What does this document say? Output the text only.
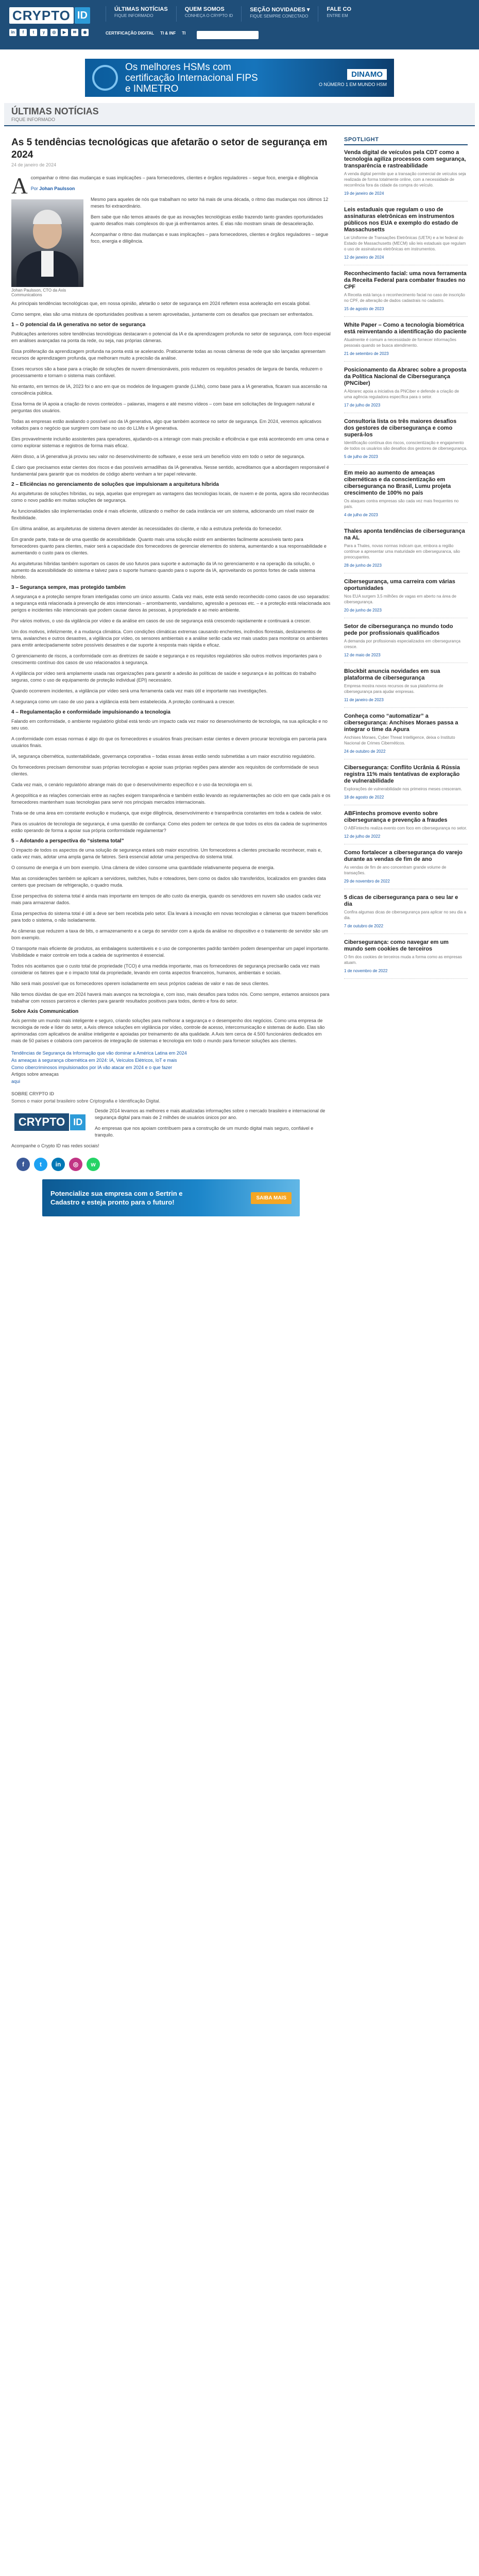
CRYPTO ID
in	f	t	y	◎	▶	✉	◉
ÚLTIMAS NOTÍCIAS
FIQUE INFORMADO
QUEM SOMOS
CONHEÇA O CRYPTO ID
SEÇÃO NOVIDADES ▾
FIQUE SEMPRE CONECTADO
FALE CO
ENTRE EM
CERTIFICAÇÃO DIGITAL TI & INF TI
Os melhores HSMs com certificação Internacional FIPS e INMETRO
DINAMO
O NÚMERO 1 EM MUNDO HSM
ÚLTIMAS NOTÍCIAS
FIQUE INFORMADO
As 5 tendências tecnológicas que afetarão o setor de segurança em 2024
24 de janeiro de 2024
A companhar o ritmo das mudanças e suas implicações – para fornecedores, clientes e órgãos reguladores – segue foco, energia e diligência

Por Johan Paulsson

Johan Paulsson, CTO da Axis Communications

Mesmo para aqueles de nós que trabalham no setor há mais de uma década, o ritmo das mudanças nos últimos 12 meses foi extraordinário.

Bem sabe que não temos através de que as inovações tecnológicas estão trazendo tanto grandes oportunidades quanto desafios mais complexos do que já enfrentamos antes. E elas não mostram sinais de desaceleração.

Acompanhar o ritmo das mudanças e suas implicações – para fornecedores, clientes e órgãos reguladores – segue foco, energia e diligência.

As principais tendências tecnológicas que, em nossa opinião, afetarão o setor de segurança em 2024 refletem essa aceleração em escala global.

Como sempre, elas são uma mistura de oportunidades positivas a serem aproveitadas, juntamente com os desafios que precisam ser enfrentados.

1 – O potencial da IA generativa no setor de segurança

Publicações anteriores sobre tendências tecnológicas destacaram o potencial da IA e da aprendizagem profunda no setor de segurança, com foco especial em análises avançadas na ponta da rede, ou seja, nas próprias câmeras.

Essa proliferação da aprendizagem profunda na ponta está se acelerando. Praticamente todas as novas câmeras de rede que são lançadas apresentam recursos de aprendizagem profunda, que melhoram muito a precisão da análise.

Esses recursos são a base para a criação de soluções de nuvem dimensionáveis, pois reduzem os requisitos pesados de largura de banda, reduzem o processamento e tornam o sistema mais confiável.

No entanto, em termos de IA, 2023 foi o ano em que os modelos de linguagem grande (LLMs), como base para a IA generativa, ficaram sua ascensão na consciência pública.

Essa forma de IA apoia a criação de novos conteúdos – palavras, imagens e até mesmo vídeos – com base em solicitações de linguagem natural e perguntas dos usuários.

Todas as empresas estão avaliando o possível uso da IA generativa, algo que também acontece no setor de segurança. Em 2024, veremos aplicativos voltados para o negócio que surgirem com base no uso do LLMs e IA generativa.

Eles provavelmente incluirão assistentes para operadores, ajudando-os a interagir com mais precisão e eficiência e que está acontecendo em uma cena e como explorar sistemas e registros de forma mais eficaz.

Além disso, a IA generativa já provou seu valor no desenvolvimento de software, e esse será um benefício visto em todo o setor de segurança.

É claro que precisamos estar cientes dos riscos e das possíveis armadilhas da IA generativa. Nesse sentido, acreditamos que a abordagem responsável é fundamental para garantir que os modelos de código aberto venham a ter papel relevante.

2 – Eficiências no gerenciamento de soluções que impulsionam a arquitetura híbrida

As arquiteturas de soluções híbridas, ou seja, aquelas que empregam as vantagens das tecnologias locais, de nuvem e de ponta, agora são reconhecidas como o novo padrão em muitas soluções de segurança.

As funcionalidades são implementadas onde é mais eficiente, utilizando o melhor de cada instância ver um sistema, adicionando um nível maior de flexibilidade.

Em última análise, as arquiteturas de sistema devem atender às necessidades do cliente, e não a estrutura preferida do fornecedor.

Em grande parte, trata-se de uma questão de acessibilidade. Quanto mais uma solução existir em ambientes facilmente acessíveis tanto para fornecedores quanto para clientes, maior será a capacidade dos fornecedores de gerenciar elementos do sistema, aumentando a sua responsabilidade e aumentando o custo para os clientes.

As arquiteturas híbridas também suportam os casos de uso futuros para suporte e automação da IA no gerenciamento e na operação da solução, o aumento da acessibilidade do sistema e talvez para o suporte humano quando para o suporte da IA, aproveitando os pontos fortes de cada sistema híbrido.

3 – Segurança sempre, mas protegido também

A segurança e a proteção sempre foram interligadas como um único assunto. Cada vez mais, este está sendo reconhecido como casos de uso separados: a segurança está relacionada à prevenção de atos intencionais – arrombamento, vandalismo, agressão a pessoas etc. – e a proteção está relacionada aos perigos e incidentes não intencionais que podem causar danos às pessoas, à propriedade e ao meio ambiente.

Por vários motivos, o uso da vigilância por vídeo e da análise em casos de uso de segurança está crescendo rapidamente e continuará a crescer.

Um dos motivos, infelizmente, é a mudança climática. Com condições climáticas extremas causando enchentes, incêndios florestais, deslizamentos de terra, avalanches e outros desastres, a vigilância por vídeo, os sensores ambientais e a análise serão cada vez mais usados para monitorar os ambientes para emitir antecipadamente sobre possíveis desastres e dar suporte à resposta mais rápida e eficaz.

O gerenciamento de riscos, a conformidade com as diretrizes de saúde e segurança e os requisitos regulatórios são outros motivos importantes para o crescimento contínuo dos casos de uso relacionados à segurança.

A vigilância por vídeo será amplamente usada nas organizações para garantir a adesão às políticas de saúde e segurança e às políticas do trabalho seguras, como o uso de equipamento de proteção individual (EPI) necessário.

Quando ocorrerem incidentes, a vigilância por vídeo será uma ferramenta cada vez mais útil e importante nas investigações.

A segurança como um caso de uso para a vigilância está bem estabelecida. A proteção continuará a crescer.

4 – Regulamentação e conformidade impulsionando a tecnologia

Falando em conformidade, o ambiente regulatório global está tendo um impacto cada vez maior no desenvolvimento de tecnologia, na sua aplicação e no seu uso.

A conformidade com essas normas é algo do que os fornecedores e usuários finais precisam estar cientes e devem procurar tecnologia em parceria para usuários finais.

IA, segurança cibernética, sustentabilidade, governança corporativa – todas essas áreas estão sendo submetidas a um maior escrutínio regulatório.

Os fornecedores precisam demonstrar suas próprias tecnologias e apoiar suas próprias regiões para atender aos requisitos de conformidade de seus clientes.

Cada vez mais, o cenário regulatório abrange mais do que o desenvolvimento específico e o uso da tecnologia em si.

A geopolítica e as relações comerciais entre as nações exigem transparência e também estão levando as regulamentações ao ciclo em que cada país e os fornecedores mantenham suas tecnologias para servir nos principais mercados internacionais.

Trata-se de uma área em constante evolução e mudança, que exige diligência, desenvolvimento e transparência constantes em toda a cadeia de valor.

Para os usuários de tecnologia de segurança, é uma questão de confiança: Como eles podem ter certeza de que todos os elos da cadeia de suprimentos estão operando de forma a apoiar sua própria conformidade regulamentar?

5 – Adotando a perspectiva do “sistema total”

O impacto de todos os aspectos de uma solução de segurança estará sob maior escrutínio. Um fornecedores a clientes precisarão reconhecer, mais e, cada vez mais, adotar uma ampla gama de fatores. Será essencial adotar uma perspectiva do sistema total.

O consumo de energia é um bom exemplo. Uma câmera de vídeo consome uma quantidade relativamente pequena de energia.

Mas as considerações também se aplicam a servidores, switches, hubs e roteadores, bem como os dados são transferidos, localizados em grandes data centers que precisam de refrigeração, o quadro muda.

Esse perspectiva do sistema total é ainda mais importante em tempos de alto custo da energia, quando os servidores em nuvem são usados cada vez mais para armazenar dados.

Essa perspectiva do sistema total é útil a deve ser bem recebida pelo setor. Ela levará à inovação em novas tecnologias e câmeras que trazem benefícios para todo o sistema, o não isoladamente.

As câmeras que reduzem a taxa de bits, o armazenamento e a carga do servidor com a ajuda da análise no dispositivo e o tratamento de servidor são um bom exemplo.

O transporte mais eficiente de produtos, as embalagens sustentáveis e o uso de componentes padrão também podem desempenhar um papel importante. Visibilidade e maior controle em toda a cadeia de suprimentos é essencial.

Todos nós aceitamos que o custo total de propriedade (TCO) é uma medida importante, mas os fornecedores de segurança precisarão cada vez mais considerar os fatores que e o impacto total da propriedade, levando em conta aspectos financeiros, humanos, ambientais e sociais.

Não será mais possível que os fornecedores operem isoladamente em seus próprios cadeias de valor e nas de seus clientes.

Não temos dúvidas de que em 2024 haverá mais avanços na tecnologia e, com isso, mais desafios para todos nós. Como sempre, estamos ansiosos para trabalhar com nossos parceiros e clientes para garantir resultados positivos para todos, dentro e fora do setor.

Sobre Axis Communication

Axis permite um mundo mais inteligente e seguro, criando soluções para melhorar a segurança e o desempenho dos negócios. Como uma empresa de tecnologia de rede e líder do setor, a Axis oferece soluções em vigilância por vídeo, controle de acesso, intercomunicação e sistemas de áudio. Elas são aprimoradas com aplicativos de análise inteligente e apoiadas por treinamento de alta qualidade. A Axis tem cerca de 4.500 funcionários dedicados em mais de 50 países e colabora com parceiros de integração de sistemas e tecnologia em todo o mundo para fornecer soluções aos clientes.

Tendências de Segurança da Informação que vão dominar a América Latina em 2024
As ameaças à segurança cibernética em 2024: IA, Veículos Elétricos, IoT e mais
Como cibercriminosos impulsionados por IA vão atacar em 2024 e o que fazer

Artigos sobre ameaças
aqui

SOBRE CRYPTO ID
Somos o maior portal brasileiro sobre Criptografia e Identificação Digital.
CRYPTO ID

Desde 2014 levamos as melhores e mais atualizadas informações sobre o mercado brasileiro e internacional de segurança digital para mais de 2 milhões de usuários únicos por ano.

Ao empresas que nos apoiam contribuem para a construção de um mundo digital mais seguro, confiável e tranquilo.

Acompanhe o Crypto ID nas redes sociais!

f	t	in	◎	w
Potencialize sua empresa com o Sertrin e Cadastro e esteja pronto para o futuro!
SAIBA MAIS
SPOTLIGHT
Venda digital de veículos pela CDT como a tecnologia agiliza processos com segurança, transparência e rastreabilidade
A venda digital permite que a transação comercial de veículos seja realizada de forma totalmente online, com a necessidade de recorrência fora da cidade da compra do veículo.
19 de janeiro de 2024
Leis estaduais que regulam o uso de assinaturas eletrônicas em instrumentos públicos nos EUA e exemplo do estado de Massachusetts
Lei Uniforme de Transações Eletrônicas (UETA) e a lei federal do Estado de Massachusetts (MECM) são leis estaduais que regulam o uso de assinaturas eletrônicas em instrumentos.
12 de janeiro de 2024
Reconhecimento facial: uma nova ferramenta da Receita Federal para combater fraudes no CPF
A Receita está lança o reconhecimento facial no caso de inscrição no CPF, de alteração de dados cadastrais no cadastro.
15 de agosto de 2023
White Paper – Como a tecnologia biométrica está reinventando a identificação do paciente
Atualmente é comum a necessidade de fornecer informações pessoais quando se busca atendimento.
21 de setembro de 2023
Posicionamento da Abrarec sobre a proposta da Política Nacional de Cibersegurança (PNCiber)
A Abrarec apoia a iniciativa da PNCiber e defende a criação de uma agência reguladora específica para o setor.
17 de julho de 2023
Consultoria lista os três maiores desafios dos gestores de cibersegurança e como superá-los
Identificação contínua dos riscos, conscientização e engajamento de todos os usuários são desafios dos gestores de cibersegurança.
5 de julho de 2023
Em meio ao aumento de ameaças cibernéticas e da conscientização em cibersegurança no Brasil, Lumu projeta crescimento de 100% no país
Os ataques contra empresas são cada vez mais frequentes no país.
4 de julho de 2023
Thales aponta tendências de cibersegurança na AL
Para a Thales, novas normas indicam que, embora a região continue a apresentar uma maturidade em ciberseguranca, são preocupantes.
28 de junho de 2023
Cibersegurança, uma carreira com várias oportunidades
Nos EUA surgem 3,5 milhões de vagas em aberto na área de cibersegurança.
20 de junho de 2023
Setor de cibersegurança no mundo todo pede por profissionais qualificados
A demanda por profissionais especializados em cibersegurança cresce.
12 de maio de 2023
Blockbit anuncia novidades em sua plataforma de cibersegurança
Empresa mostra novos recursos de sua plataforma de cibersegurança para ajudar empresas.
11 de janeiro de 2023
Conheça como “automatizar” a cibersegurança: Anchises Moraes passa a integrar o time da Apura
Anchises Moraes, Cyber Threat Intelligence, deixa o Instituto Nacional de Crimes Cibernéticos.
24 de outubro de 2022
Cibersegurança: Conflito Ucrânia & Rússia registra 11% mais tentativas de exploração de vulnerabilidade
Explorações de vulnerabilidade nos primeiros meses cresceram.
18 de agosto de 2022
ABFintechs promove evento sobre cibersegurança e prevenção a fraudes
O ABFintechs realiza evento com foco em cibersegurança no setor.
12 de julho de 2022
Como fortalecer a cibersegurança do varejo durante as vendas de fim de ano
As vendas de fim de ano concentram grande volume de transações.
29 de novembro de 2022
5 dicas de cibersegurança para o seu lar e dia
Confira algumas dicas de cibersegurança para aplicar no seu dia a dia.
7 de outubro de 2022
Cibersegurança: como navegar em um mundo sem cookies de terceiros
O fim dos cookies de terceiros muda a forma como as empresas atuam.
1 de novembro de 2022
